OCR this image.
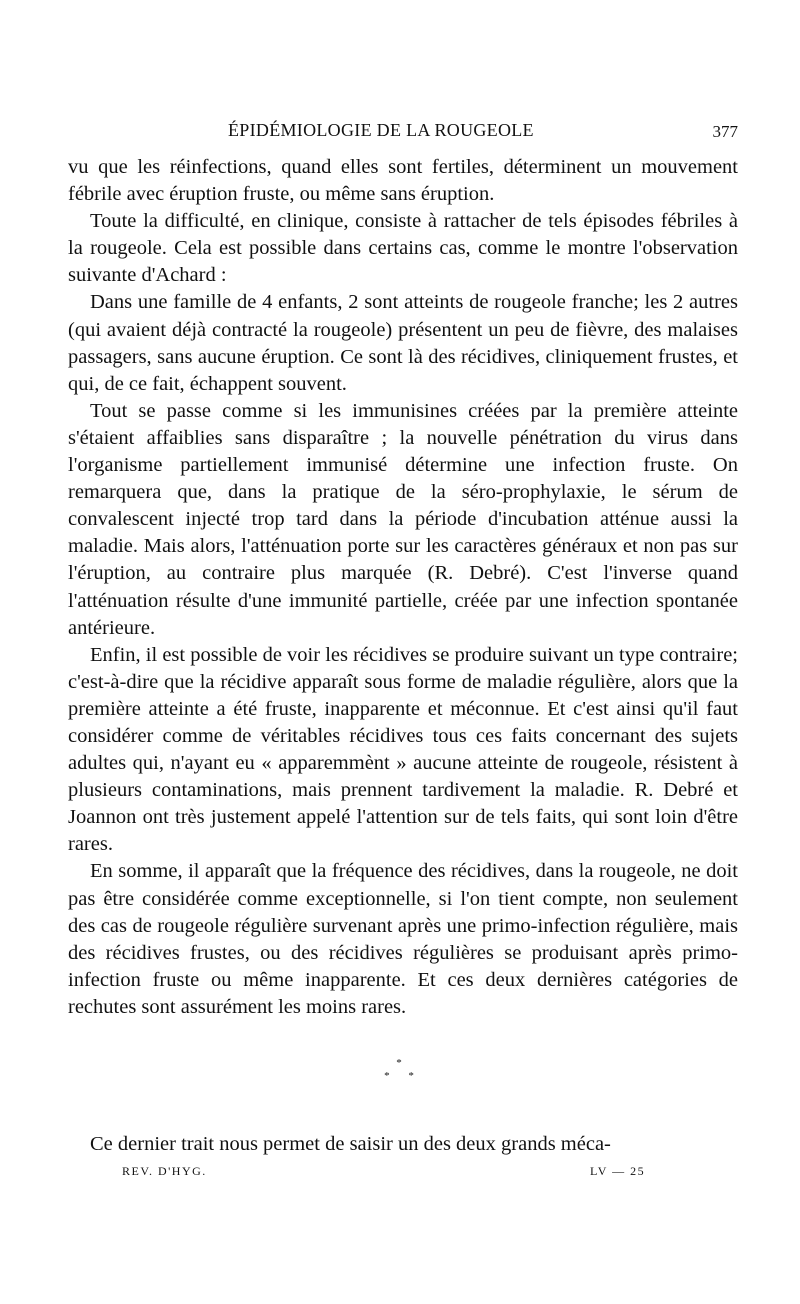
ÉPIDÉMIOLOGIE DE LA ROUGEOLE	377

vu que les réinfections, quand elles sont fertiles, déterminent un mouvement fébrile avec éruption fruste, ou même sans éruption.

Toute la difficulté, en clinique, consiste à rattacher de tels épisodes fébriles à la rougeole. Cela est possible dans certains cas, comme le montre l'observation suivante d'Achard :

Dans une famille de 4 enfants, 2 sont atteints de rougeole franche; les 2 autres (qui avaient déjà contracté la rougeole) présentent un peu de fièvre, des malaises passagers, sans aucune éruption. Ce sont là des récidives, cliniquement frustes, et qui, de ce fait, échappent souvent.

Tout se passe comme si les immunisines créées par la première atteinte s'étaient affaiblies sans disparaître ; la nouvelle pénétration du virus dans l'organisme partiellement immunisé détermine une infection fruste. On remarquera que, dans la pratique de la séro-prophylaxie, le sérum de convalescent injecté trop tard dans la période d'incubation atténue aussi la maladie. Mais alors, l'atténuation porte sur les caractères généraux et non pas sur l'éruption, au contraire plus marquée (R. Debré). C'est l'inverse quand l'atténuation résulte d'une immunité partielle, créée par une infection spontanée antérieure.

Enfin, il est possible de voir les récidives se produire suivant un type contraire; c'est-à-dire que la récidive apparaît sous forme de maladie régulière, alors que la première atteinte a été fruste, inapparente et méconnue. Et c'est ainsi qu'il faut considérer comme de véritables récidives tous ces faits concernant des sujets adultes qui, n'ayant eu « apparemmènt » aucune atteinte de rougeole, résistent à plusieurs contaminations, mais prennent tardivement la maladie. R. Debré et Joannon ont très justement appelé l'attention sur de tels faits, qui sont loin d'être rares.

En somme, il apparaît que la fréquence des récidives, dans la rougeole, ne doit pas être considérée comme exceptionnelle, si l'on tient compte, non seulement des cas de rougeole régulière survenant après une primo-infection régulière, mais des récidives frustes, ou des récidives régulières se produisant après primo-infection fruste ou même inapparente. Et ces deux dernières catégories de rechutes sont assurément les moins rares.

*
* *
Ce dernier trait nous permet de saisir un des deux grands méca-
REV. D'HYG.	LV — 25
